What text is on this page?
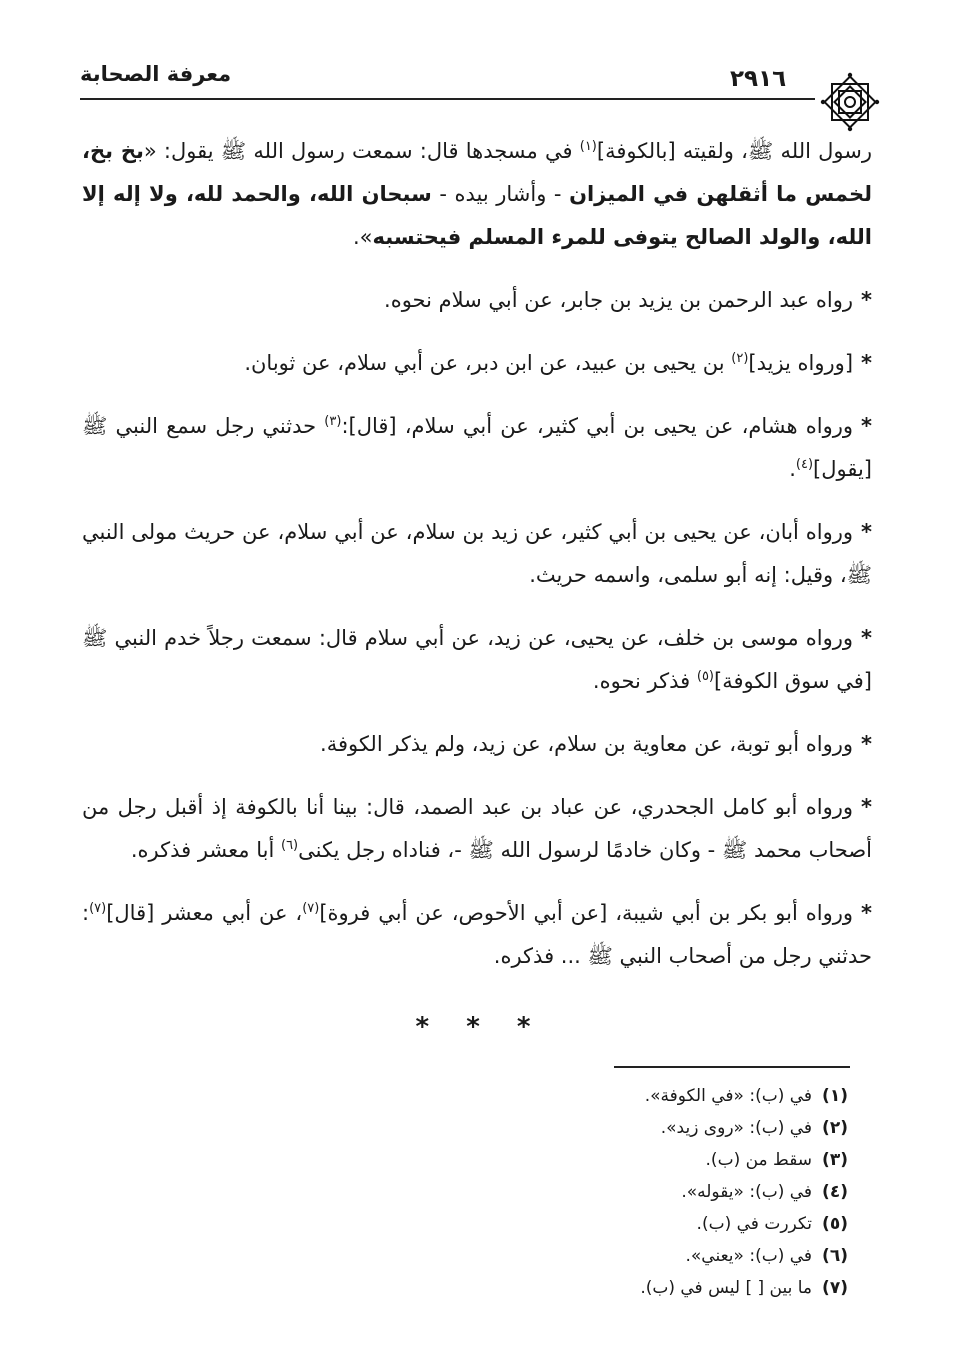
معرفة الصحابة	٢٩١٦

رسول الله ﷺ، ولقيته [بالكوفة]$^{(١)}$ في مسجدها قال: سمعت رسول الله ﷺ يقول: «بخ بخ، لخمس ما أثقلهن في الميزان - وأشار بيده - سبحان الله، والحمد لله، ولا إله إلا الله، والولد الصالح يتوفى للمرء المسلم فيحتسبه».

*رواه عبد الرحمن بن يزيد بن جابر، عن أبي سلام نحوه.

*[ورواه يزيد]$^{(٢)}$ بن يحيى بن عبيد، عن ابن دبر، عن أبي سلام، عن ثوبان.

*ورواه هشام، عن يحيى بن أبي كثير، عن أبي سلام، [قال]:$^{(٣)}$ حدثني رجل سمع النبي ﷺ [يقول]$^{(٤)}$.

*ورواه أبان، عن يحيى بن أبي كثير، عن زيد بن سلام، عن أبي سلام، عن حريث مولى النبي ﷺ، وقيل: إنه أبو سلمى، واسمه حريث.

*ورواه موسى بن خلف، عن يحيى، عن زيد، عن أبي سلام قال: سمعت رجلاً خدم النبي ﷺ [في سوق الكوفة]$^{(٥)}$ فذكر نحوه.

*ورواه أبو توبة، عن معاوية بن سلام، عن زيد، ولم يذكر الكوفة.

*ورواه أبو كامل الجحدري، عن عباد بن عبد الصمد، قال: بينا أنا بالكوفة إذ أقبل رجل من أصحاب محمد ﷺ - وكان خادمًا لرسول الله ﷺ -، فناداه رجل يكنى$^{(٦)}$ أبا معشر فذكره.

*ورواه أبو بكر بن أبي شيبة، [عن أبي الأحوص، عن أبي فروة]$^{(٧)}$، عن أبي معشر [قال]$^{(٧)}$: حدثني رجل من أصحاب النبي ﷺ ... فذكره.

* * *
(١)في (ب): «في الكوفة».
(٢)في (ب): «روى زيد».
(٣)سقط من (ب).
(٤)في (ب): «يقوله».
(٥)تكررت في (ب).
(٦)في (ب): «يعني».
(٧)ما بين [ ] ليس في (ب).
